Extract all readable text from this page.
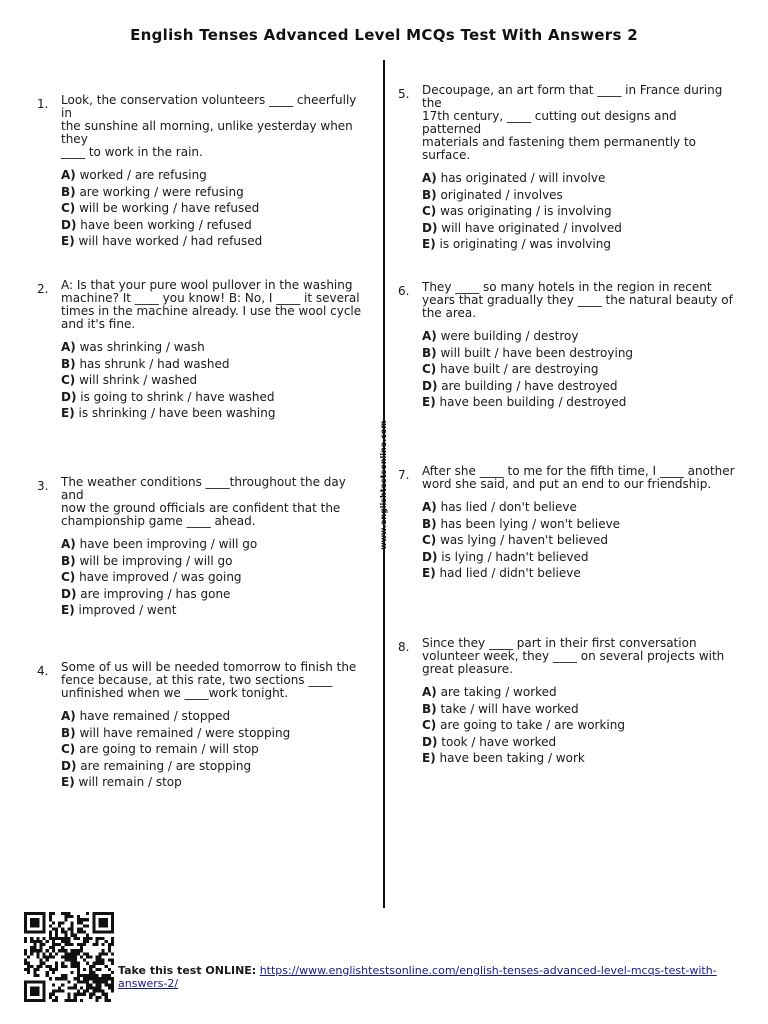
English Tenses Advanced Level MCQs Test With Answers 2
www.englishtestsonline.com
1. Look, the conservation volunteers ____ cheerfully in
the sunshine all morning, unlike yesterday when they
____ to work in the rain.
A) worked / are refusing
B) are working / were refusing
C) will be working / have refused
D) have been working / refused
E) will have worked / had refused
2. A: Is that your pure wool pullover in the washing
machine? It ____ you know! B: No, I ____ it several
times in the machine already. I use the wool cycle
and it's fine.
A) was shrinking / wash
B) has shrunk / had washed
C) will shrink / washed
D) is going to shrink / have washed
E) is shrinking / have been washing
3. The weather conditions ____throughout the day and
now the ground officials are confident that the
championship game ____ ahead.
A) have been improving / will go
B) will be improving / will go
C) have improved / was going
D) are improving / has gone
E) improved / went
4. Some of us will be needed tomorrow to finish the
fence because, at this rate, two sections ____
unfinished when we ____work tonight.
A) have remained / stopped
B) will have remained / were stopping
C) are going to remain / will stop
D) are remaining / are stopping
E) will remain / stop
5. Decoupage, an art form that ____ in France during the
17th century, ____ cutting out designs and patterned
materials and fastening them permanently to
surface.
A) has originated / will involve
B) originated / involves
C) was originating / is involving
D) will have originated / involved
E) is originating / was involving
6. They ____ so many hotels in the region in recent
years that gradually they ____ the natural beauty of
the area.
A) were building / destroy
B) will built / have been destroying
C) have built / are destroying
D) are building / have destroyed
E) have been building / destroyed
7. After she ____ to me for the fifth time, I ____ another
word she said, and put an end to our friendship.
A) has lied / don't believe
B) has been lying / won't believe
C) was lying / haven't believed
D) is lying / hadn't believed
E) had lied / didn't believe
8. Since they ____ part in their first conversation
volunteer week, they ____ on several projects with
great pleasure.
A) are taking / worked
B) take / will have worked
C) are going to take / are working
D) took / have worked
E) have been taking / work
Take this test ONLINE: https://www.englishtestsonline.com/english-tenses-advanced-level-mcqs-test-with-answers-2/
